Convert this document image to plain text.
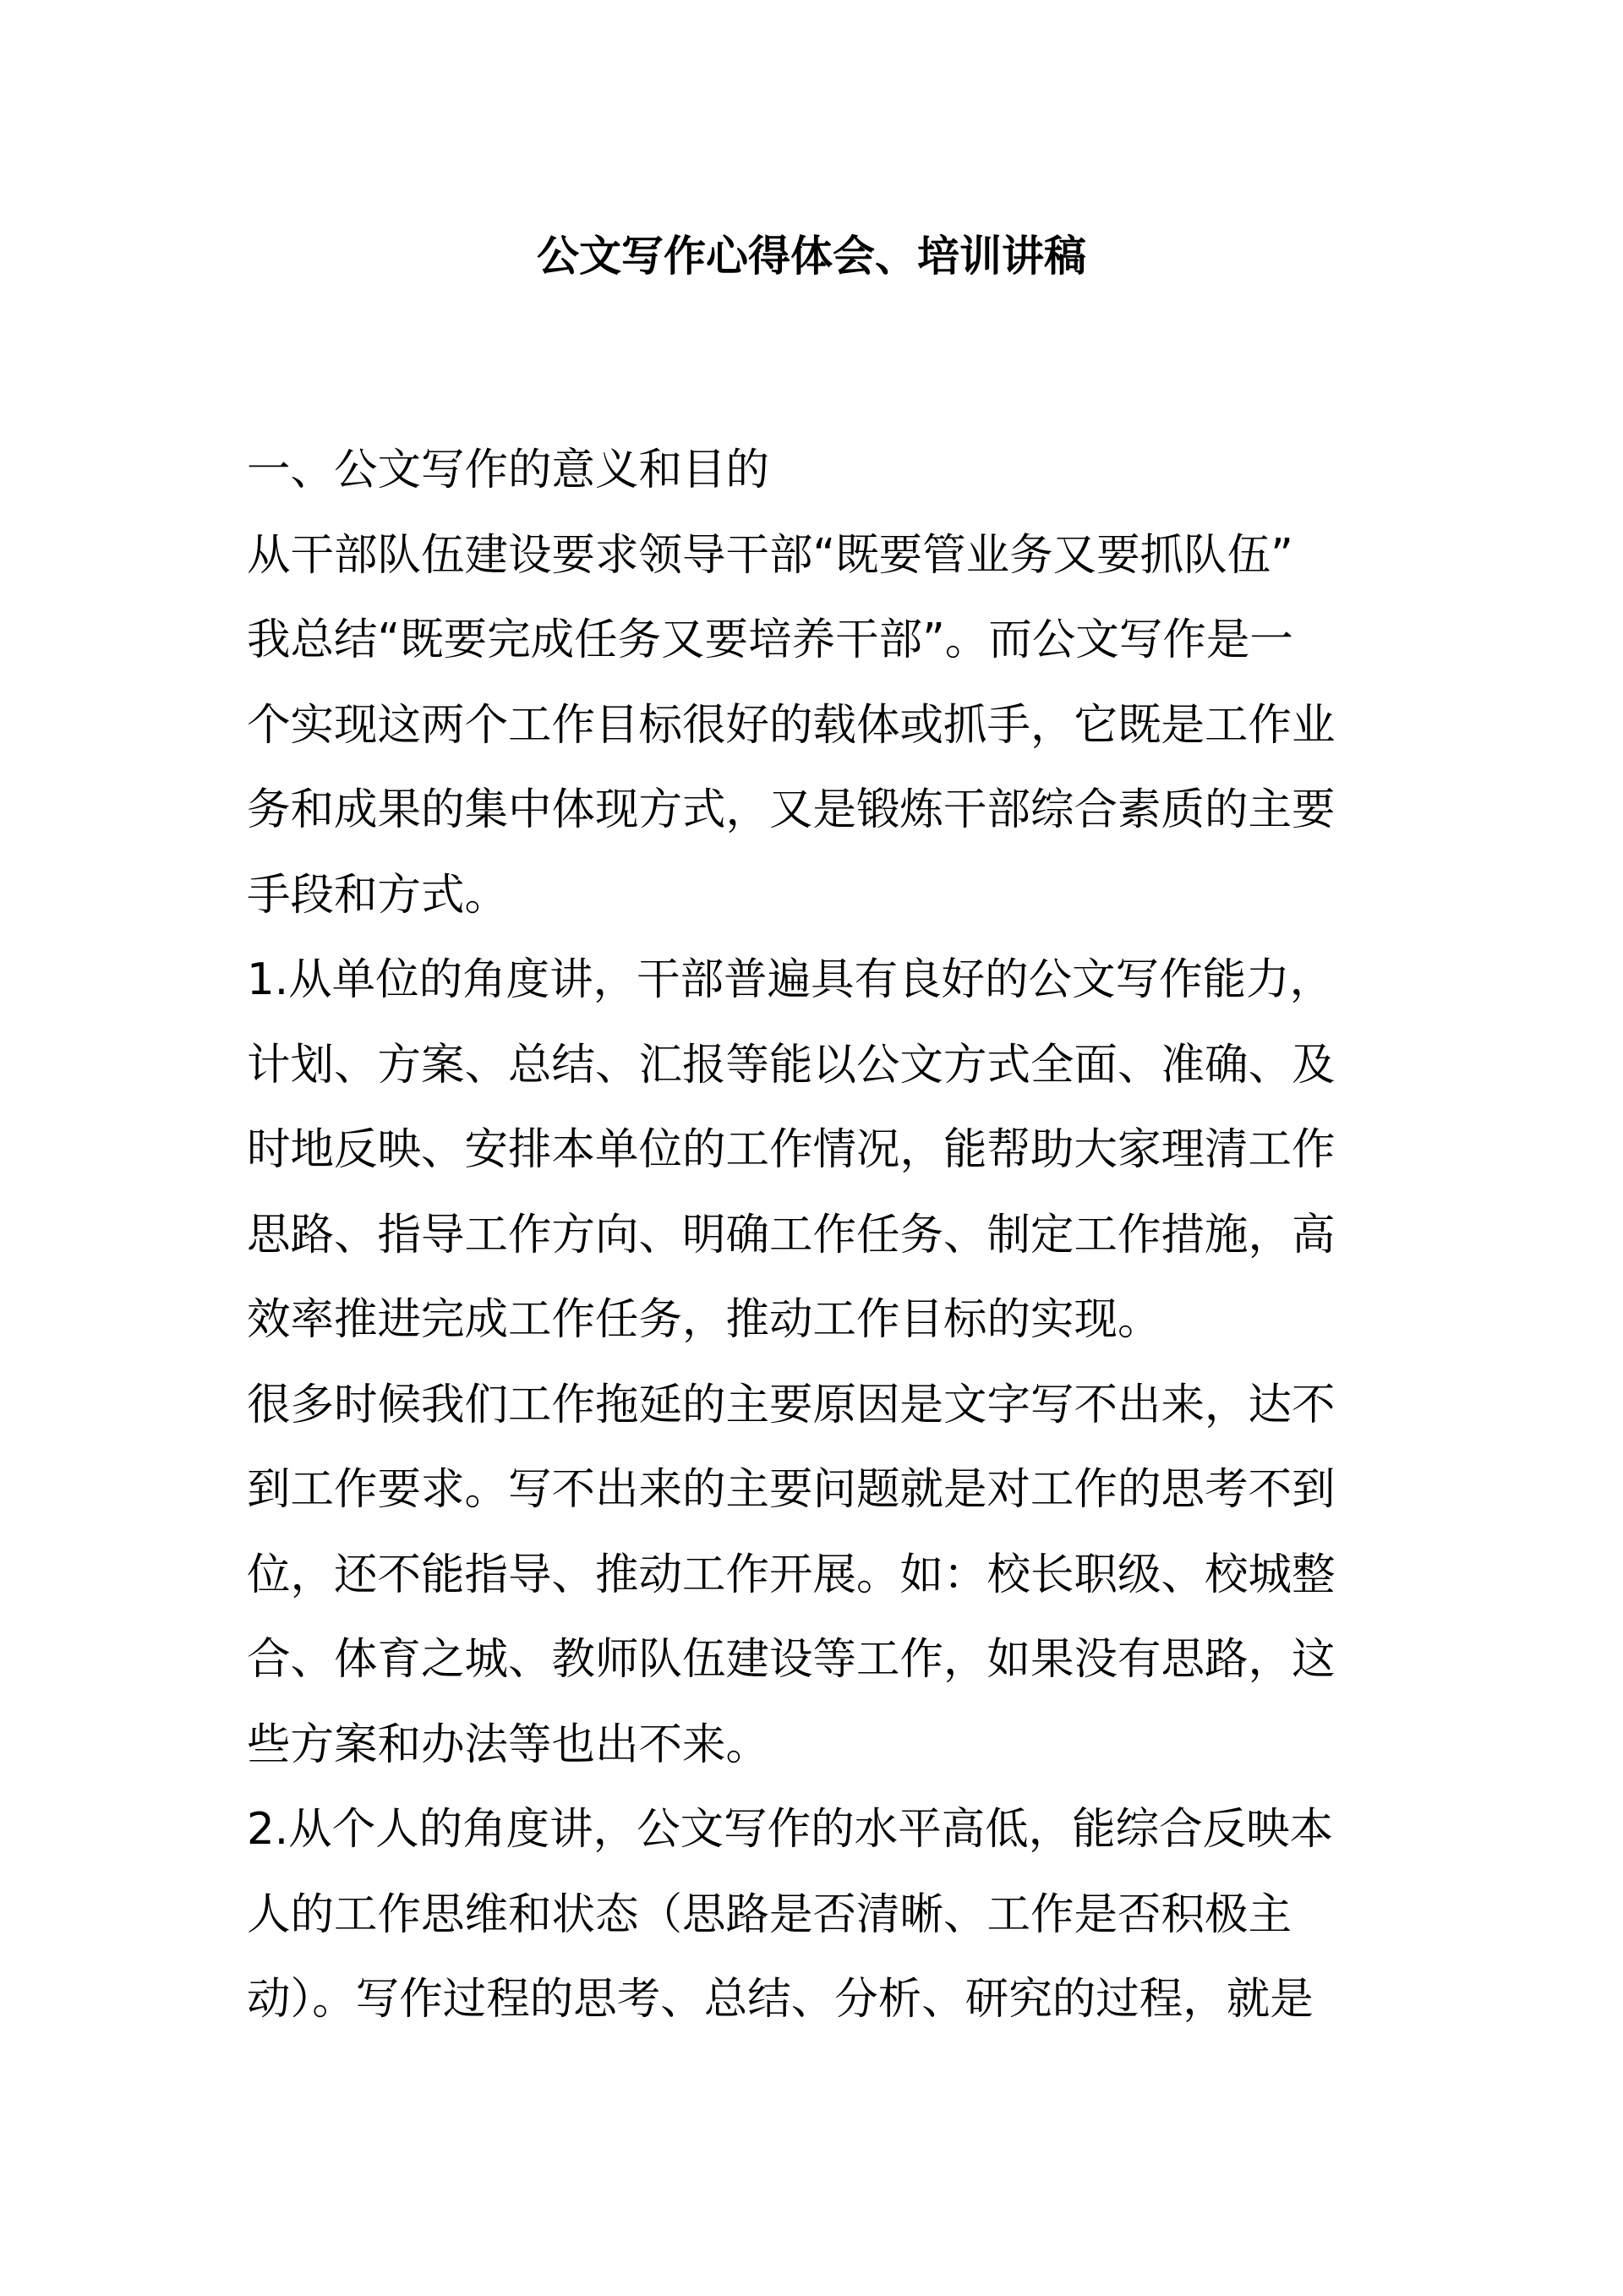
公文写作心得体会、培训讲稿
一、公文写作的意义和目的
从干部队伍建设要求领导干部“既要管业务又要抓队伍”
我总结“既要完成任务又要培养干部”。而公文写作是一
个实现这两个工作目标很好的载体或抓手，它既是工作业
务和成果的集中体现方式，又是锻炼干部综合素质的主要
手段和方式。
1.从单位的角度讲，干部普遍具有良好的公文写作能力，
计划、方案、总结、汇报等能以公文方式全面、准确、及
时地反映、安排本单位的工作情况，能帮助大家理清工作
思路、指导工作方向、明确工作任务、制定工作措施，高
效率推进完成工作任务，推动工作目标的实现。
很多时候我们工作拖延的主要原因是文字写不出来，达不
到工作要求。写不出来的主要问题就是对工作的思考不到
位，还不能指导、推动工作开展。如：校长职级、校城整
合、体育之城、教师队伍建设等工作，如果没有思路，这
些方案和办法等也出不来。
2.从个人的角度讲，公文写作的水平高低，能综合反映本
人的工作思维和状态（思路是否清晰、工作是否积极主
动）。写作过程的思考、总结、分析、研究的过程，就是
